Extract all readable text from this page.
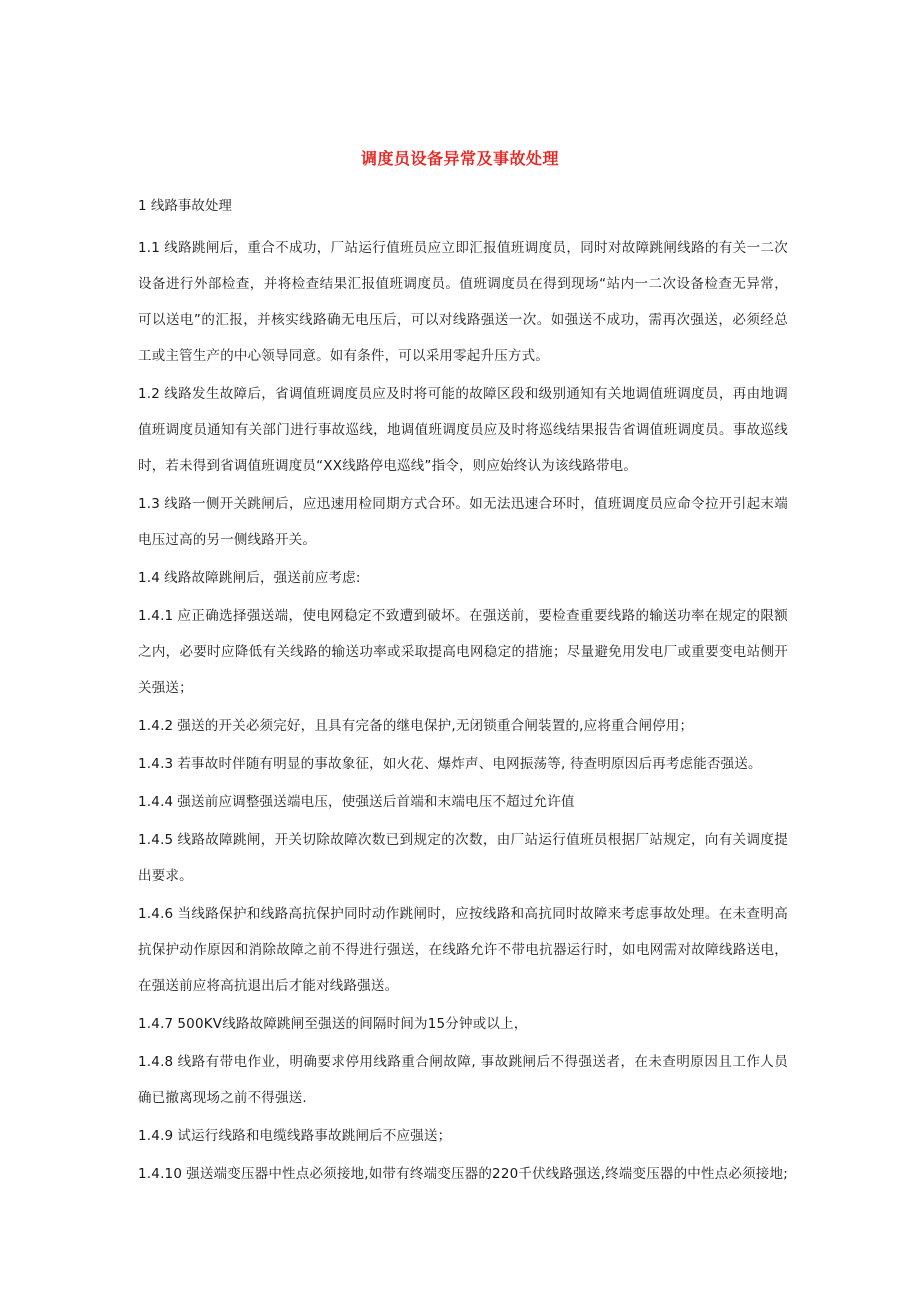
调度员设备异常及事故处理
1 线路事故处理

1.1 线路跳闸后，重合不成功，厂站运行值班员应立即汇报值班调度员，同时对故障跳闸线路的有关一二次设备进行外部检查，并将检查结果汇报值班调度员。值班调度员在得到现场“站内一二次设备检查无异常，可以送电”的汇报，并核实线路确无电压后，可以对线路强送一次。如强送不成功，需再次强送，必须经总工或主管生产的中心领导同意。如有条件，可以采用零起升压方式。

1.2 线路发生故障后，省调值班调度员应及时将可能的故障区段和级别通知有关地调值班调度员，再由地调值班调度员通知有关部门进行事故巡线，地调值班调度员应及时将巡线结果报告省调值班调度员。事故巡线时，若未得到省调值班调度员“XX线路停电巡线”指令，则应始终认为该线路带电。

1.3 线路一侧开关跳闸后，应迅速用检同期方式合环。如无法迅速合环时，值班调度员应命令拉开引起末端电压过高的另一侧线路开关。

1.4 线路故障跳闸后，强送前应考虑:

1.4.1 应正确选择强送端，使电网稳定不致遭到破坏。在强送前，要检查重要线路的输送功率在规定的限额之内，必要时应降低有关线路的输送功率或采取提高电网稳定的措施；尽量避免用发电厂或重要变电站侧开关强送；

1.4.2 强送的开关必须完好，且具有完备的继电保护,无闭锁重合闸装置的,应将重合闸停用；

1.4.3 若事故时伴随有明显的事故象征，如火花、爆炸声、电网振荡等, 待查明原因后再考虑能否强送。

1.4.4 强送前应调整强送端电压，使强送后首端和末端电压不超过允许值

1.4.5 线路故障跳闸，开关切除故障次数已到规定的次数，由厂站运行值班员根据厂站规定，向有关调度提出要求。

1.4.6 当线路保护和线路高抗保护同时动作跳闸时，应按线路和高抗同时故障来考虑事故处理。在未查明高抗保护动作原因和消除故障之前不得进行强送，在线路允许不带电抗器运行时，如电网需对故障线路送电，在强送前应将高抗退出后才能对线路强送。

1.4.7 500KV线路故障跳闸至强送的间隔时间为15分钟或以上，

1.4.8 线路有带电作业，明确要求停用线路重合闸故障, 事故跳闸后不得强送者，在未查明原因且工作人员确已撤离现场之前不得强送.

1.4.9 试运行线路和电缆线路事故跳闸后不应强送；

1.4.10 强送端变压器中性点必须接地,如带有终端变压器的220千伏线路强送,终端变压器的中性点必须接地;
